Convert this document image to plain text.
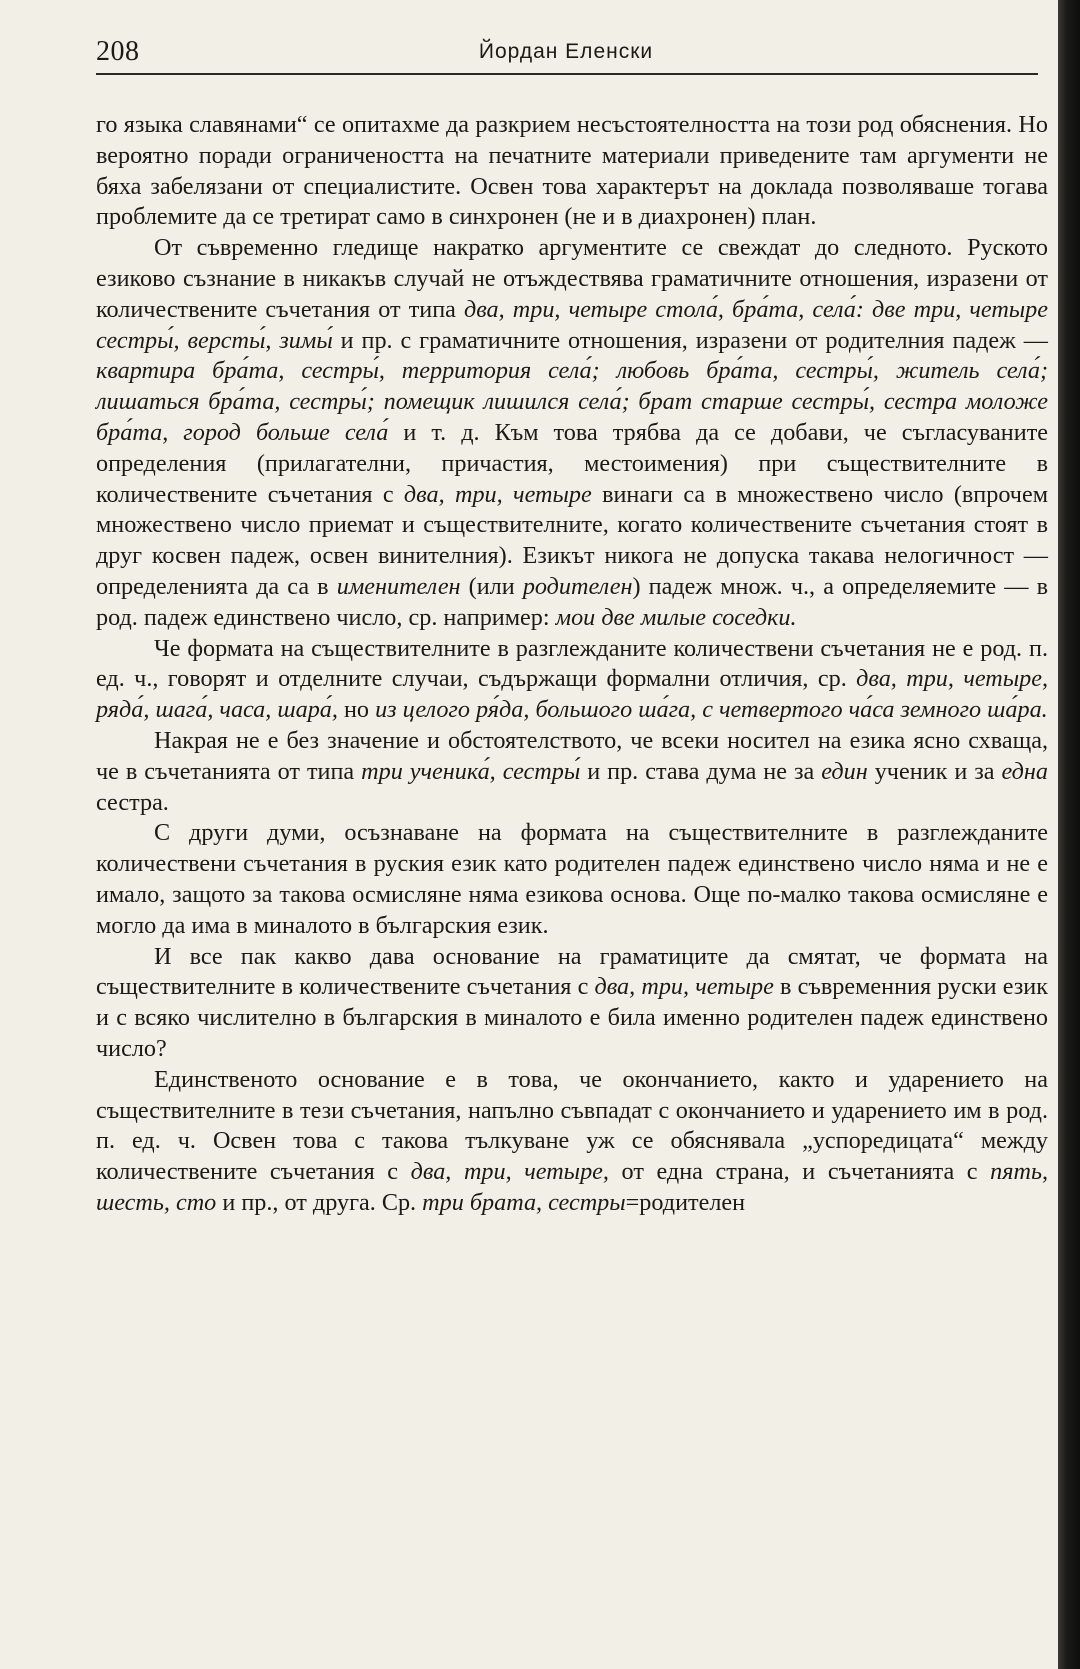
208	Йордан Еленски

го языка славянами“ се опитахме да разкрием несъстоятелността на този род обяснения. Но вероятно поради ограничеността на печатните материали приведените там аргументи не бяха забелязани от специалистите. Освен това характерът на доклада позволяваше тогава проблемите да се третират само в синхронен (не и в диахронен) план.

От съвременно гледище накратко аргументите се свеждат до следното. Руското езиково съзнание в никакъв случай не отъждествява граматичните отношения, изразени от количествените съчетания от типа два, три, четыре стола́, бра́та, села́: две три, четыре сестры́, версты́, зимы́ и пр. с граматичните отношения, изразени от родителния падеж — квартира бра́та, сестры́, территория села́; любовь бра́та, сестры́, житель села́; лишаться бра́та, сестры́; помещик лишился села́; брат старше сестры́, сестра моложе бра́та, город больше села́ и т. д. Към това трябва да се добави, че съгласуваните определения (прилагателни, причастия, местоимения) при съществителните в количествените съчетания с два, три, четыре винаги са в множествено число (впрочем множествено число приемат и съществителните, когато количествените съчетания стоят в друг косвен падеж, освен винителния). Езикът никога не допуска такава нелогичност — определенията да са в именителен (или родителен) падеж множ. ч., а определяемите — в род. падеж единствено число, ср. например: мои две милые соседки.

Че формата на съществителните в разглежданите количествени съчетания не е род. п. ед. ч., говорят и отделните случаи, съдържащи формални отличия, ср. два, три, четыре, ряда́, шага́, часа, шара́, но из целого ря́да, большого ша́га, с четвертого ча́са земного ша́ра.

Накрая не е без значение и обстоятелството, че всеки носител на езика ясно схваща, че в съчетанията от типа три ученика́, сестры́ и пр. става дума не за един ученик и за една сестра.

С други думи, осъзнаване на формата на съществителните в разглежданите количествени съчетания в руския език като родителен падеж единствено число няма и не е имало, защото за такова осмисляне няма езикова основа. Още по-малко такова осмисляне е могло да има в миналото в българския език.

И все пак какво дава основание на граматиците да смятат, че формата на съществителните в количествените съчетания с два, три, четыре в съвременния руски език и с всяко числително в българския в миналото е била именно родителен падеж единствено число?

Единственото основание е в това, че окончанието, както и ударението на съществителните в тези съчетания, напълно съвпадат с окончанието и ударението им в род. п. ед. ч. Освен това с такова тълкуване уж се обяснявала „успоредицата“ между количествените съчетания с два, три, четыре, от една страна, и съчетанията с пять, шесть, сто и пр., от друга. Ср. три брата, сестры=родителен
